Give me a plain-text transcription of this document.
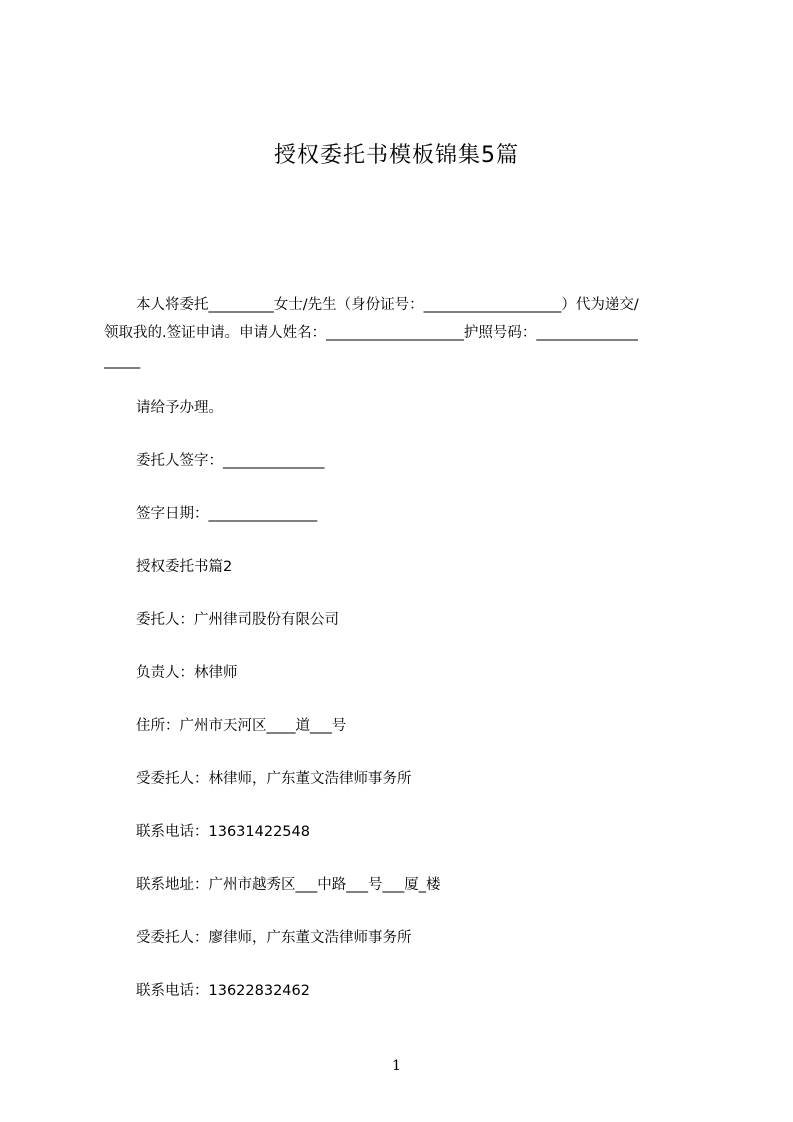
授权委托书模板锦集5篇
本人将委托_________女士/先生（身份证号：___________________）代为递交/
领取我的.签证申请。申请人姓名：___________________护照号码：______________
_____
请给予办理。
委托人签字：______________
签字日期：_______________
授权委托书篇2
委托人：广州律司股份有限公司
负责人：林律师
住所：广州市天河区____道___号
受委托人：林律师，广东董文浩律师事务所
联系电话：13631422548
联系地址：广州市越秀区___中路___号___厦_楼
受委托人：廖律师，广东董文浩律师事务所
联系电话：13622832462
1
